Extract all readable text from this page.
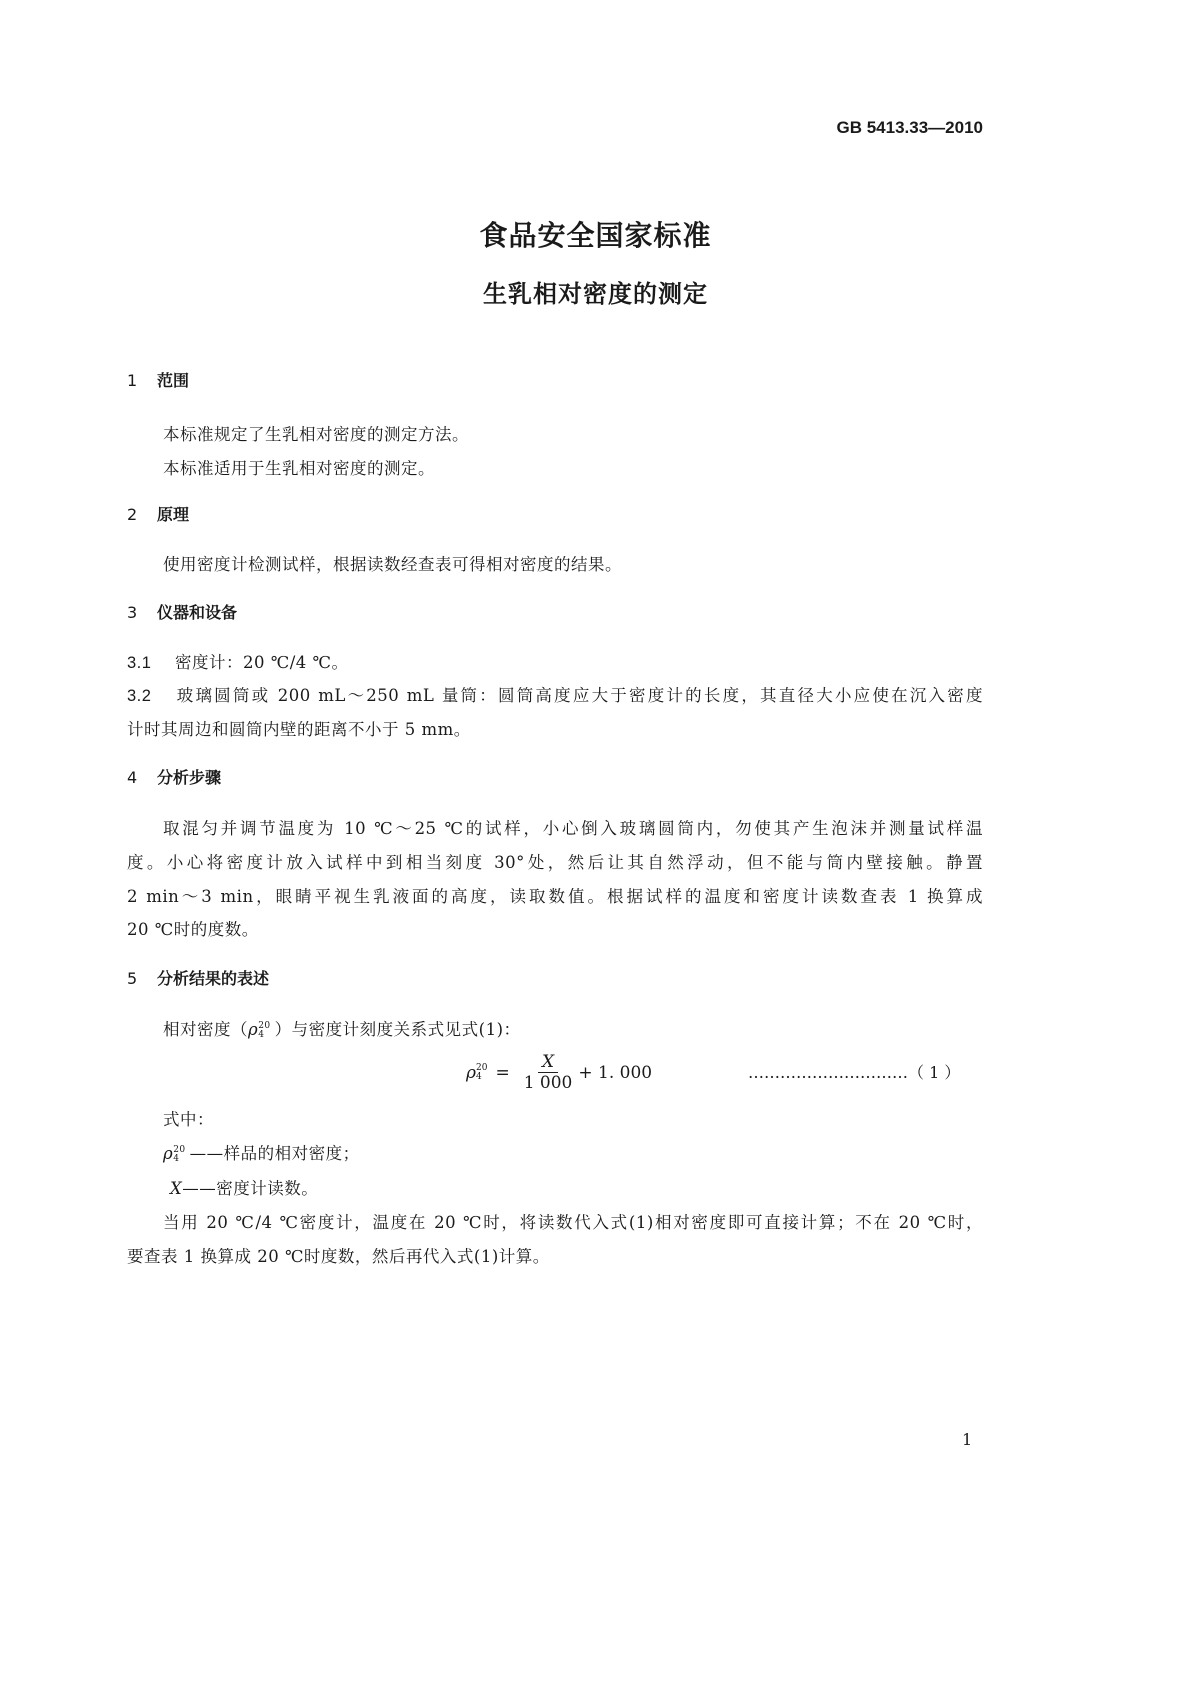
GB 5413.33—2010
食品安全国家标准
生乳相对密度的测定
1 范围
本标准规定了生乳相对密度的测定方法。
本标准适用于生乳相对密度的测定。
2 原理
使用密度计检测试样，根据读数经查表可得相对密度的结果。
3 仪器和设备
3.1 密度计：20 ℃/4 ℃。
3.2 玻璃圆筒或 200 mL～250 mL 量筒：圆筒高度应大于密度计的长度，其直径大小应使在沉入密度
计时其周边和圆筒内壁的距离不小于 5 mm。
4 分析步骤
取混匀并调节温度为 10 ℃～25 ℃的试样，小心倒入玻璃圆筒内，勿使其产生泡沫并测量试样温
度。小心将密度计放入试样中到相当刻度 30°处，然后让其自然浮动，但不能与筒内壁接触。静置
2 min～3 min，眼睛平视生乳液面的高度，读取数值。根据试样的温度和密度计读数查表 1 换算成
20 ℃时的度数。
5 分析结果的表述
相对密度（ρ 20
4 ）与密度计刻度关系式见式(1)：
ρ 20
$4 = \frac{X}{1 000} + 1$. 000	…………………………（ 1 ）
式中：
ρ 20
4 ——样品的相对密度；
X——密度计读数。
当用 20 ℃/4 ℃密度计，温度在 20 ℃时，将读数代入式(1)相对密度即可直接计算；不在 20 ℃时，
要查表 1 换算成 20 ℃时度数，然后再代入式(1)计算。
1
